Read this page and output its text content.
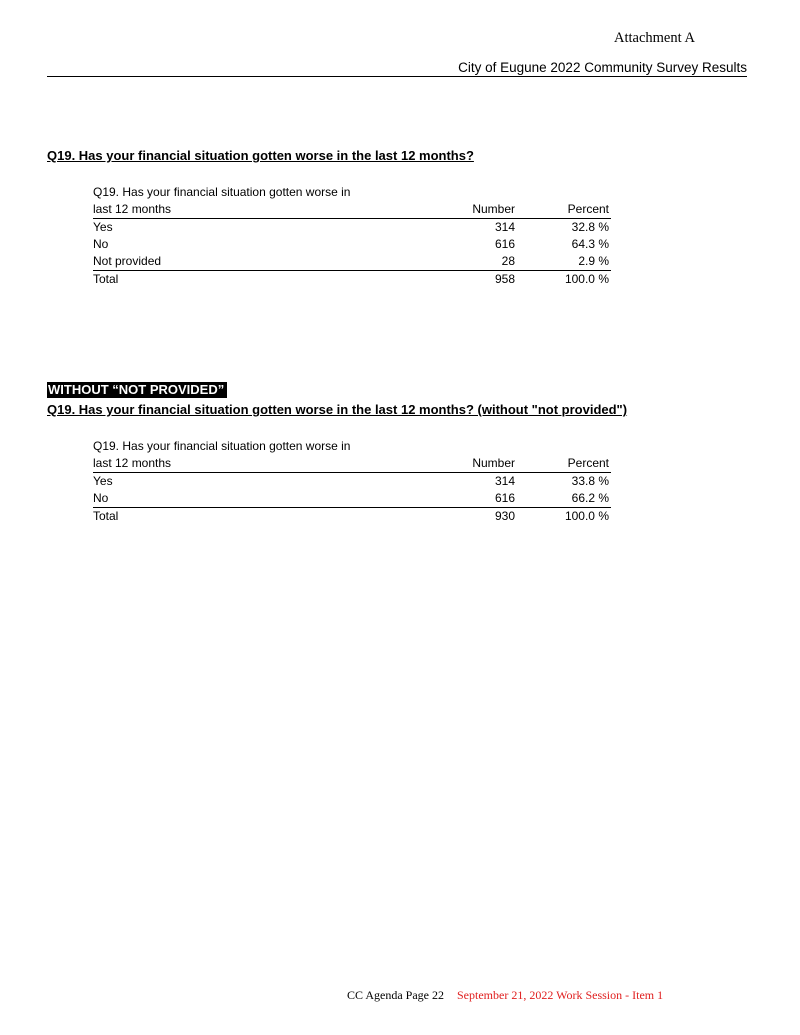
Attachment A
City of Eugune 2022 Community Survey Results
Q19. Has your financial situation gotten worse in the last 12 months?
Q19. Has your financial situation gotten worse in
last 12 months	Number	Percent
Yes	314	32.8 %
No	616	64.3 %
Not provided	28	2.9 %
Total	958	100.0 %
WITHOUT “NOT PROVIDED”
Q19. Has your financial situation gotten worse in the last 12 months? (without "not provided")
Q19. Has your financial situation gotten worse in
last 12 months	Number	Percent
Yes	314	33.8 %
No	616	66.2 %
Total	930	100.0 %
CC Agenda Page 22 September 21, 2022 Work Session - Item 1
